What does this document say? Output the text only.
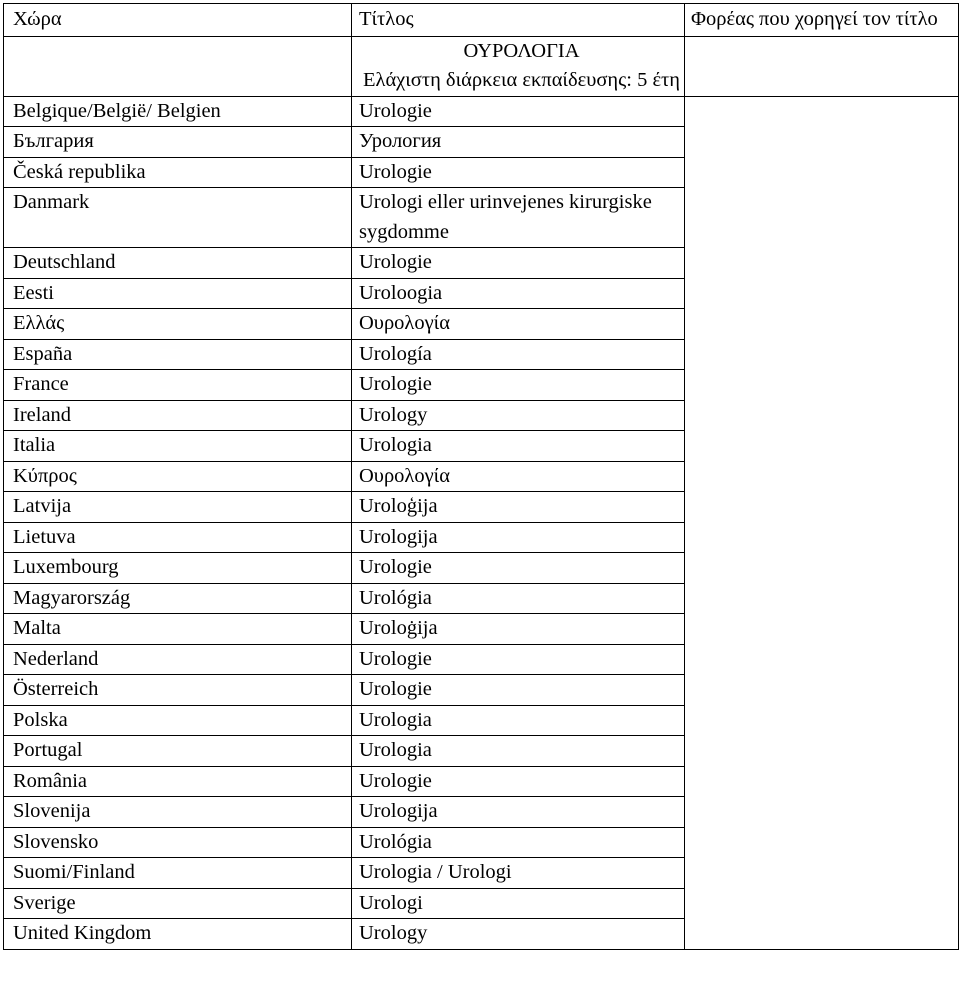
Χώρα	Τίτλος	Φορέας που χορηγεί τον τίτλο

	ΟΥΡΟΛΟΓΙΑ
Ελάχιστη διάρκεια εκπαίδευσης: 5 έτη	

Belgique/België/ Belgien	Urologie	
България	Урология	
Česká republika	Urologie	
Danmark	Urologi eller urinvejenes kirurgiske sygdomme	
Deutschland	Urologie	
Eesti	Uroloogia	
Ελλάς	Ουρολογία	
España	Urología	
France	Urologie	
Ireland	Urology	
Italia	Urologia	
Κύπρος	Ουρολογία	
Latvija	Uroloģija	
Lietuva	Urologija	
Luxembourg	Urologie	
Magyarország	Urológia	
Malta	Uroloġija	
Nederland	Urologie	
Österreich	Urologie	
Polska	Urologia	
Portugal	Urologia	
România	Urologie	
Slovenija	Urologija	
Slovensko	Urológia	
Suomi/Finland	Urologia / Urologi	
Sverige	Urologi	
United Kingdom	Urology	
